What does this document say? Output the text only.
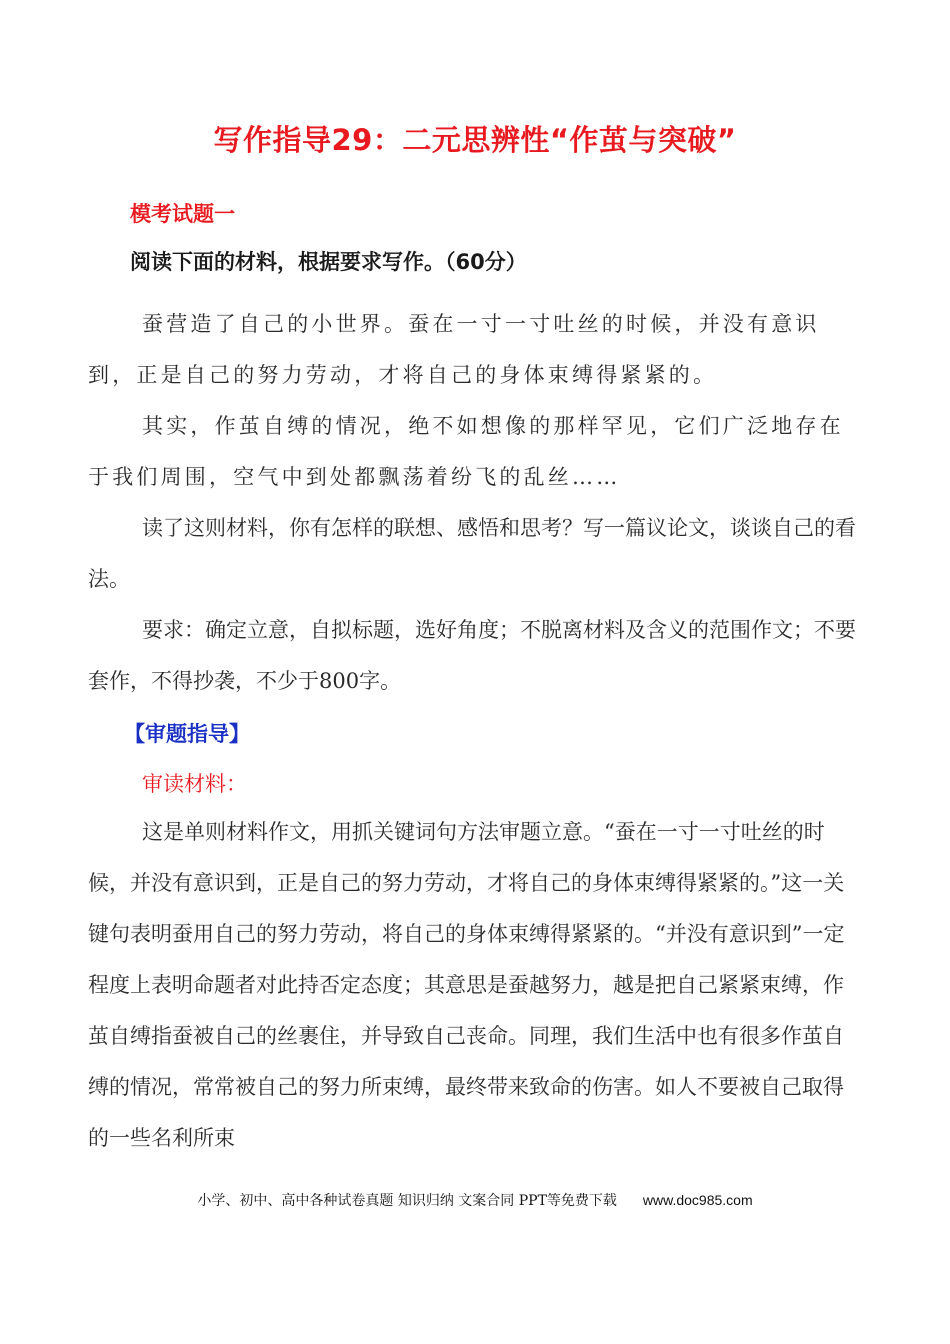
写作指导29：二元思辨性“作茧与突破”
模考试题一
阅读下面的材料，根据要求写作。（60分）

蚕营造了自己的小世界。蚕在一寸一寸吐丝的时候，并没有意识到，正是自己的努力劳动，才将自己的身体束缚得紧紧的。

其实，作茧自缚的情况，绝不如想像的那样罕见，它们广泛地存在于我们周围，空气中到处都飘荡着纷飞的乱丝……

读了这则材料，你有怎样的联想、感悟和思考？写一篇议论文，谈谈自己的看法。

要求：确定立意，自拟标题，选好角度；不脱离材料及含义的范围作文；不要套作，不得抄袭，不少于800字。

【审题指导】
审读材料：

这是单则材料作文，用抓关键词句方法审题立意。“蚕在一寸一寸吐丝的时候，并没有意识到，正是自己的努力劳动，才将自己的身体束缚得紧紧的。”这一关键句表明蚕用自己的努力劳动，将自己的身体束缚得紧紧的。“并没有意识到”一定程度上表明命题者对此持否定态度；其意思是蚕越努力，越是把自己紧紧束缚，作茧自缚指蚕被自己的丝裹住，并导致自己丧命。同理，我们生活中也有很多作茧自缚的情况，常常被自己的努力所束缚，最终带来致命的伤害。如人不要被自己取得的一些名利所束

小学、初中、高中各种试卷真题 知识归纳 文案合同 PPT等免费下载 www.doc985.com
